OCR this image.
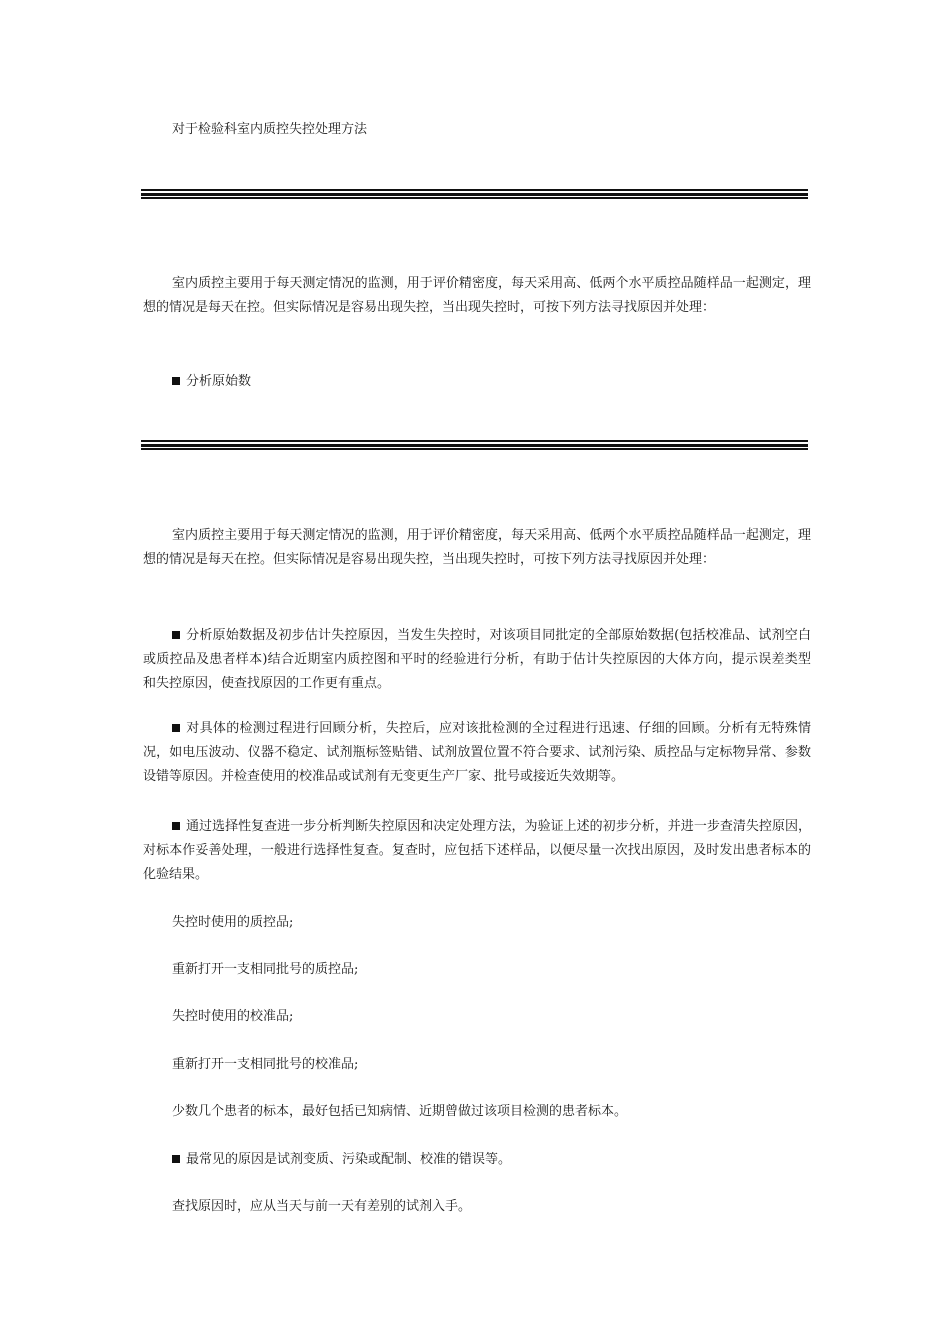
对于检验科室内质控失控处理方法

室内质控主要用于每天测定情况的监测，用于评价精密度，每天采用高、低两个水平质控品随样品一起测定，理想的情况是每天在控。但实际情况是容易出现失控，当出现失控时，可按下列方法寻找原因并处理：

分析原始数

室内质控主要用于每天测定情况的监测，用于评价精密度，每天采用高、低两个水平质控品随样品一起测定，理想的情况是每天在控。但实际情况是容易出现失控，当出现失控时，可按下列方法寻找原因并处理：

分析原始数据及初步估计失控原因，当发生失控时，对该项目同批定的全部原始数据(包括校准品、试剂空白或质控品及患者样本)结合近期室内质控图和平时的经验进行分析，有助于估计失控原因的大体方向，提示误差类型和失控原因，使查找原因的工作更有重点。

对具体的检测过程进行回顾分析，失控后，应对该批检测的全过程进行迅速、仔细的回顾。分析有无特殊情况，如电压波动、仪器不稳定、试剂瓶标签贴错、试剂放置位置不符合要求、试剂污染、质控品与定标物异常、参数设错等原因。并检查使用的校准品或试剂有无变更生产厂家、批号或接近失效期等。

通过选择性复查进一步分析判断失控原因和决定处理方法，为验证上述的初步分析，并进一步查清失控原因，对标本作妥善处理，一般进行选择性复查。复查时，应包括下述样品，以便尽量一次找出原因，及时发出患者标本的化验结果。

失控时使用的质控品;

重新打开一支相同批号的质控品;

失控时使用的校准品;

重新打开一支相同批号的校准品;

少数几个患者的标本，最好包括已知病情、近期曾做过该项目检测的患者标本。

最常见的原因是试剂变质、污染或配制、校准的错误等。

查找原因时，应从当天与前一天有差别的试剂入手。
